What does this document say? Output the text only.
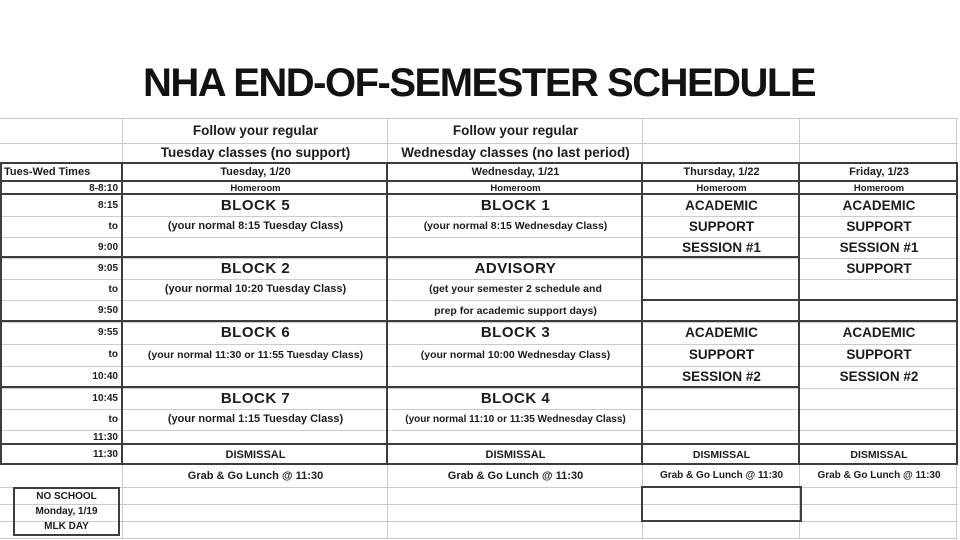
NHA END-OF-SEMESTER SCHEDULE
NO SCHOOL
Monday, 1/19
MLK DAY
Tues-Wed Times
8-8:10
8:15
to
9:00
9:05
to
9:50
9:55
to
10:40
10:45
to
11:30
11:30
Follow your regular
Tuesday classes (no support)
Tuesday, 1/20
Homeroom
BLOCK 5
(your normal 8:15 Tuesday Class)
BLOCK 2
(your normal 10:20 Tuesday Class)
BLOCK 6
(your normal 11:30 or 11:55 Tuesday Class)
BLOCK 7
(your normal 1:15 Tuesday Class)
DISMISSAL
Grab & Go Lunch @ 11:30
Follow your regular
Wednesday classes (no last period)
Wednesday, 1/21
Homeroom
BLOCK 1
(your normal 8:15 Wednesday Class)
ADVISORY
(get your semester 2 schedule and
prep for academic support days)
BLOCK 3
(your normal 10:00 Wednesday Class)
BLOCK 4
(your normal 11:10 or 11:35 Wednesday Class)
DISMISSAL
Grab & Go Lunch @ 11:30
Thursday, 1/22
Homeroom
ACADEMIC
SUPPORT
SESSION #1
ACADEMIC
SUPPORT
SESSION #2
DISMISSAL
Grab & Go Lunch @ 11:30
Friday, 1/23
Homeroom
ACADEMIC
SUPPORT
SESSION #1
SUPPORT
ACADEMIC
SUPPORT
SESSION #2
DISMISSAL
Grab & Go Lunch @ 11:30
